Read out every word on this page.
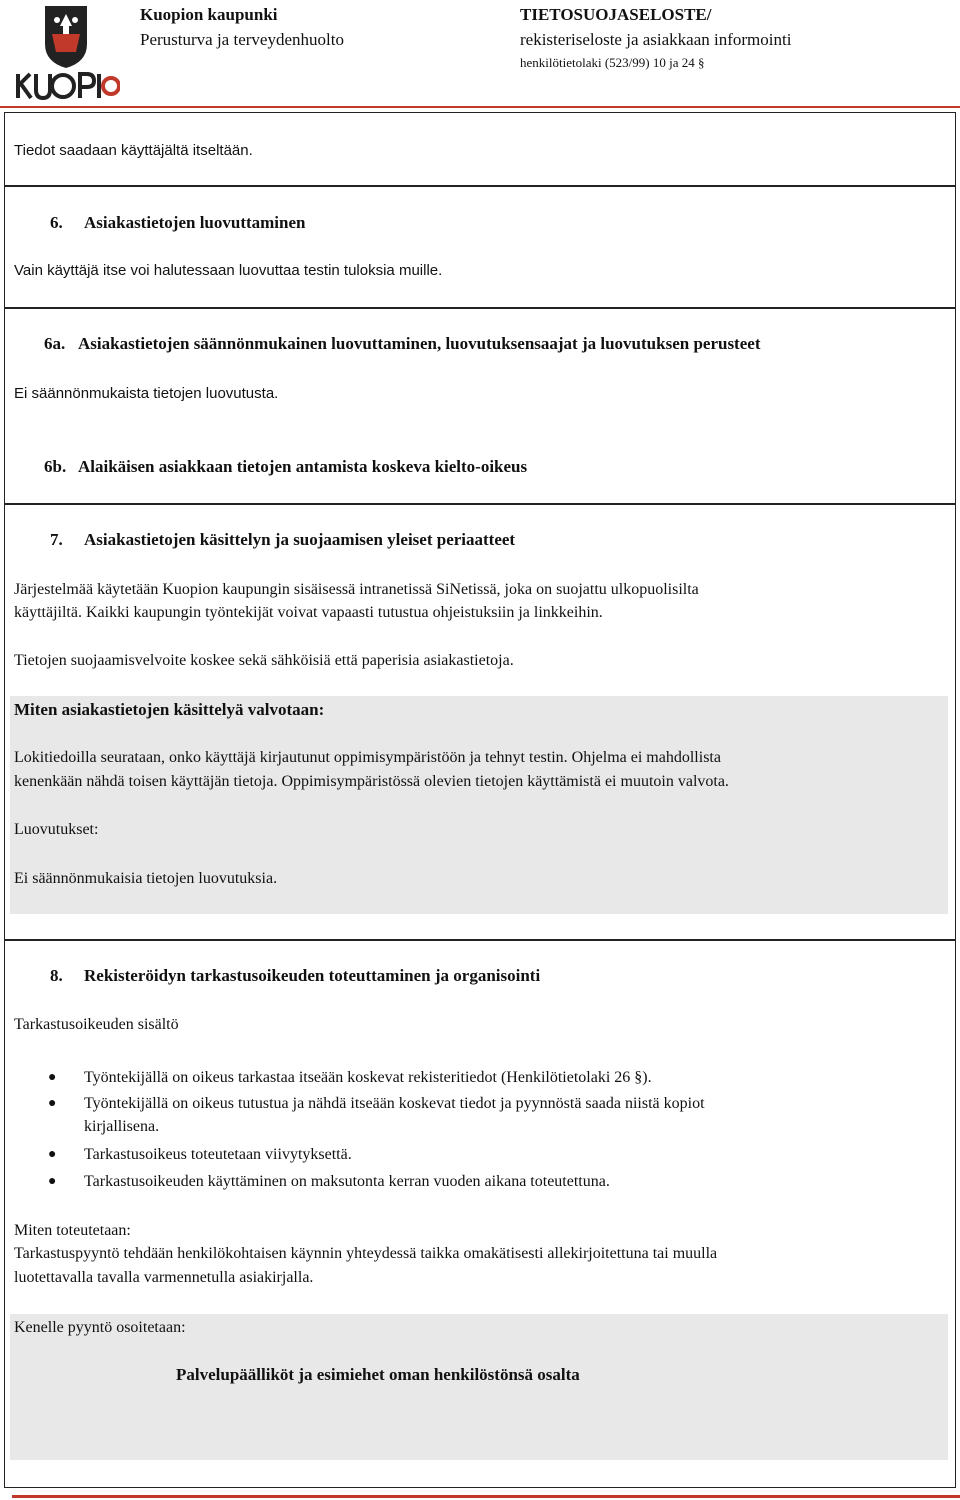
Kuopion kaupunki
Perusturva ja terveydenhuolto
TIETOSUOJASELOSTE/
rekisteriseloste ja asiakkaan informointi
henkilötietolaki (523/99) 10 ja 24 §
Tiedot saadaan käyttäjältä itseltään.
6. Asiakastietojen luovuttaminen
Vain käyttäjä itse voi halutessaan luovuttaa testin tuloksia muille.
6a. Asiakastietojen säännönmukainen luovuttaminen, luovutuksensaajat ja luovutuksen perusteet
Ei säännönmukaista tietojen luovutusta.
6b. Alaikäisen asiakkaan tietojen antamista koskeva kielto-oikeus
7. Asiakastietojen käsittelyn ja suojaamisen yleiset periaatteet
Järjestelmää käytetään Kuopion kaupungin sisäisessä intranetissä SiNetissä, joka on suojattu ulkopuolisilta
käyttäjiltä. Kaikki kaupungin työntekijät voivat vapaasti tutustua ohjeistuksiin ja linkkeihin.
Tietojen suojaamisvelvoite koskee sekä sähköisiä että paperisia asiakastietoja.
Miten asiakastietojen käsittelyä valvotaan:
Lokitiedoilla seurataan, onko käyttäjä kirjautunut oppimisympäristöön ja tehnyt testin. Ohjelma ei mahdollista
kenenkään nähdä toisen käyttäjän tietoja. Oppimisympäristössä olevien tietojen käyttämistä ei muutoin valvota.
Luovutukset:
Ei säännönmukaisia tietojen luovutuksia.
8. Rekisteröidyn tarkastusoikeuden toteuttaminen ja organisointi
Tarkastusoikeuden sisältö
● Työntekijällä on oikeus tarkastaa itseään koskevat rekisteritiedot (Henkilötietolaki 26 §).
● Työntekijällä on oikeus tutustua ja nähdä itseään koskevat tiedot ja pyynnöstä saada niistä kopiot
kirjallisena.
● Tarkastusoikeus toteutetaan viivytyksettä.
● Tarkastusoikeuden käyttäminen on maksutonta kerran vuoden aikana toteutettuna.
Miten toteutetaan:
Tarkastuspyyntö tehdään henkilökohtaisen käynnin yhteydessä taikka omakätisesti allekirjoitettuna tai muulla
luotettavalla tavalla varmennetulla asiakirjalla.
Kenelle pyyntö osoitetaan:
Palvelupäälliköt ja esimiehet oman henkilöstönsä osalta
